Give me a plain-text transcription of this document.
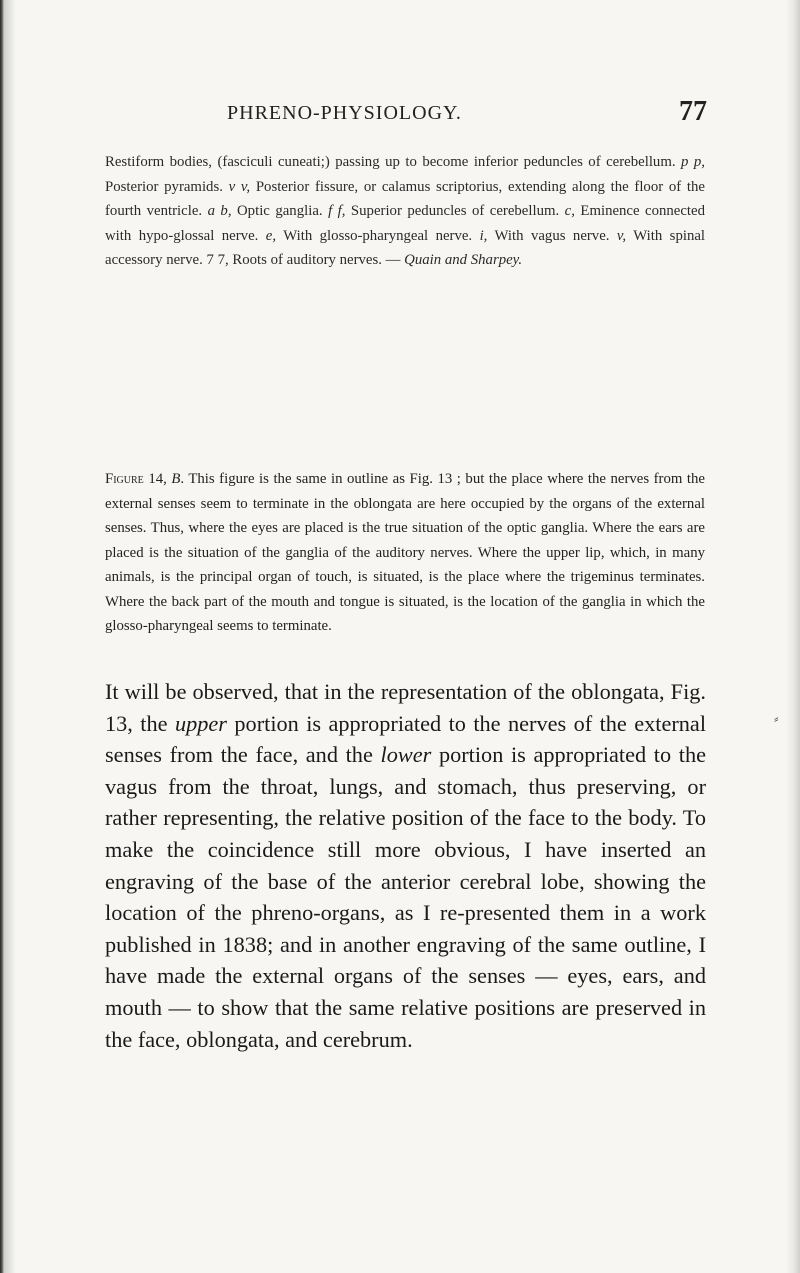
⸗
PHRENO-PHYSIOLOGY.	77
Restiform bodies, (fasciculi cuneati;) passing up to become inferior peduncles of cerebellum. p p, Posterior pyramids. v v, Posterior fissure, or calamus scriptorius, extending along the floor of the fourth ventricle. a b, Optic ganglia. f f, Superior peduncles of cerebellum. c, Eminence connected with hypo-glossal nerve. e, With glosso-pharyngeal nerve. i, With vagus nerve. v, With spinal accessory nerve. 7 7, Roots of auditory nerves. — Quain and Sharpey.
Figure 14, B. This figure is the same in outline as Fig. 13 ; but the place where the nerves from the external senses seem to terminate in the oblongata are here occupied by the organs of the external senses. Thus, where the eyes are placed is the true situation of the optic ganglia. Where the ears are placed is the situation of the ganglia of the auditory nerves. Where the upper lip, which, in many animals, is the principal organ of touch, is situated, is the place where the trigeminus terminates. Where the back part of the mouth and tongue is situated, is the location of the ganglia in which the glosso-pharyngeal seems to terminate.

It will be observed, that in the representation of the oblongata, Fig. 13, the upper portion is appropriated to the nerves of the external senses from the face, and the lower portion is appropriated to the vagus from the throat, lungs, and stomach, thus preserving, or rather representing, the relative position of the face to the body. To make the coincidence still more obvious, I have inserted an engraving of the base of the anterior cerebral lobe, showing the location of the phreno-organs, as I re-presented them in a work published in 1838; and in another engraving of the same outline, I have made the external organs of the senses — eyes, ears, and mouth — to show that the same relative positions are preserved in the face, oblongata, and cerebrum.
